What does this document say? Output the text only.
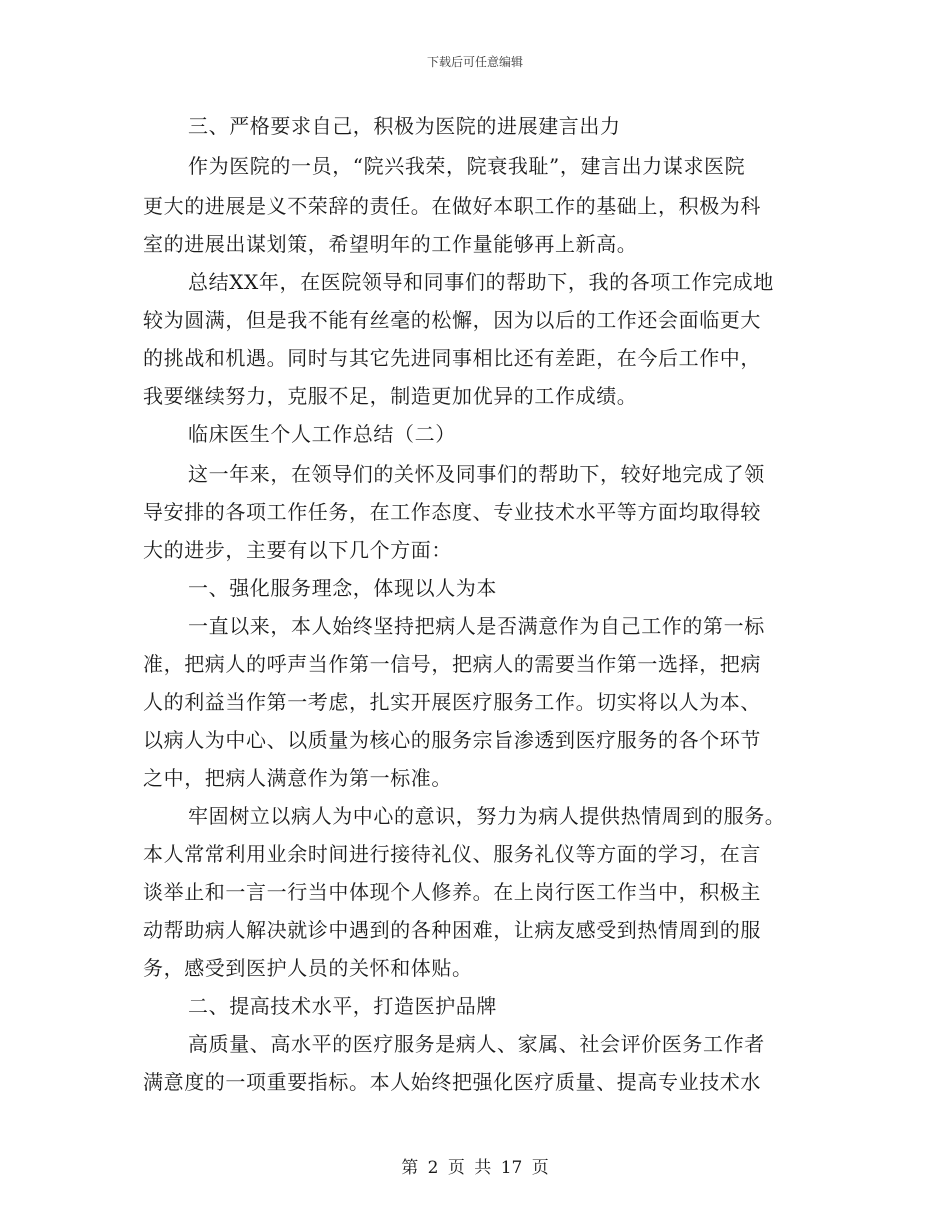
下载后可任意编辑
三、严格要求自己，积极为医院的进展建言出力
作为医院的一员，“院兴我荣，院衰我耻”，建言出力谋求医院
更大的进展是义不荣辞的责任。在做好本职工作的基础上，积极为科
室的进展出谋划策，希望明年的工作量能够再上新高。
总结XX年，在医院领导和同事们的帮助下，我的各项工作完成地
较为圆满，但是我不能有丝毫的松懈，因为以后的工作还会面临更大
的挑战和机遇。同时与其它先进同事相比还有差距，在今后工作中，
我要继续努力，克服不足，制造更加优异的工作成绩。
临床医生个人工作总结（二）
这一年来，在领导们的关怀及同事们的帮助下，较好地完成了领
导安排的各项工作任务，在工作态度、专业技术水平等方面均取得较
大的进步，主要有以下几个方面：
一、强化服务理念，体现以人为本
一直以来，本人始终坚持把病人是否满意作为自己工作的第一标
准，把病人的呼声当作第一信号，把病人的需要当作第一选择，把病
人的利益当作第一考虑，扎实开展医疗服务工作。切实将以人为本、
以病人为中心、以质量为核心的服务宗旨渗透到医疗服务的各个环节
之中，把病人满意作为第一标准。
牢固树立以病人为中心的意识，努力为病人提供热情周到的服务。
本人常常利用业余时间进行接待礼仪、服务礼仪等方面的学习，在言
谈举止和一言一行当中体现个人修养。在上岗行医工作当中，积极主
动帮助病人解决就诊中遇到的各种困难，让病友感受到热情周到的服
务，感受到医护人员的关怀和体贴。
二、提高技术水平，打造医护品牌
高质量、高水平的医疗服务是病人、家属、社会评价医务工作者
满意度的一项重要指标。本人始终把强化医疗质量、提高专业技术水
第 2 页 共 17 页
